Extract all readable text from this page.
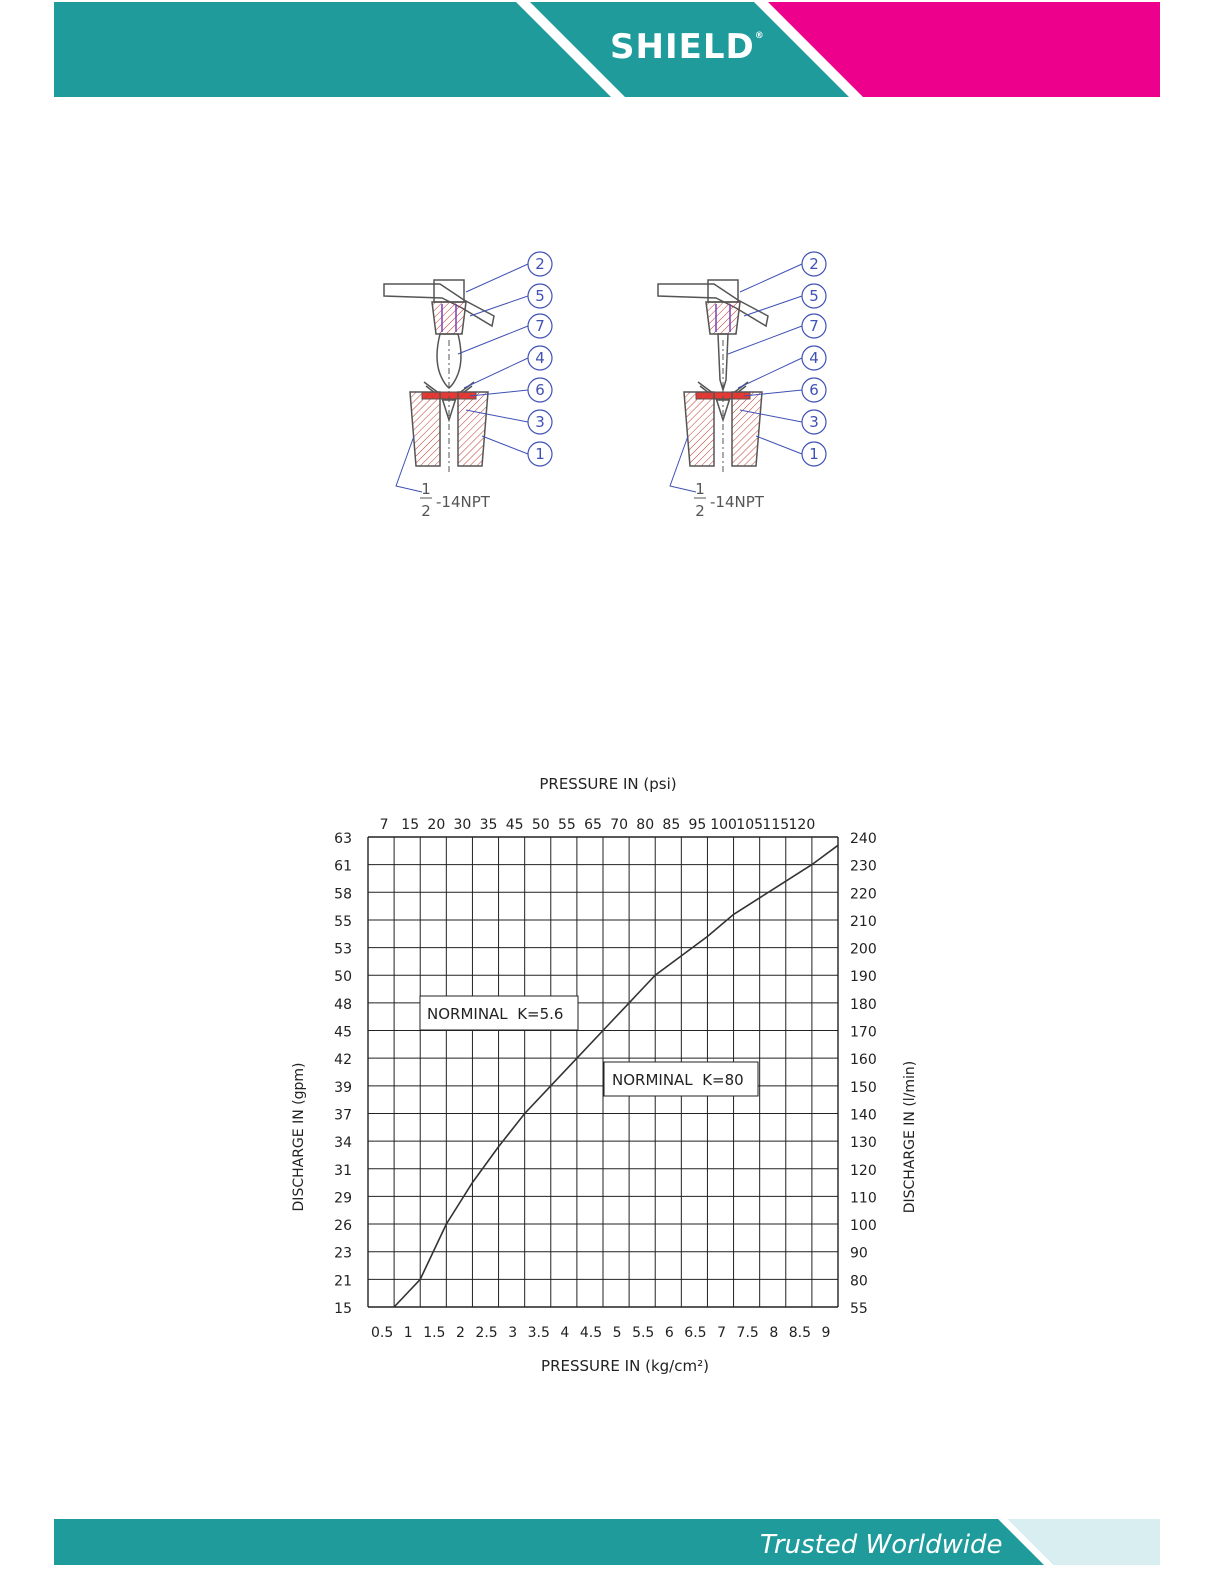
SHIELD®
2
5
7
4
6
3
1
1
2 -14NPT
2
5
7
4
6
3
1
1
2 -14NPT
PRESSURE IN (psi)
PRESSURE IN (kg/cm²)
DISCHARGE IN (gpm)	DISCHARGE IN (l/min)
0.5 1 1.5 2 2.5 3 3.5 4 4.5 5 5.5 6 6.5 7 7.5 8 8.5 9
7 15 20 30 35 45 50 55 65 70 80 85 95 100 105 115 120
15
21
23
26
29
31
34
37
39
42
45
48
50
53
55
58
61
63
55
80
90
100
110
120
130
140
150
160
170
180
190
200
210
220
230
240
NORMINAL  K=5.6
NORMINAL  K=80
Trusted Worldwide
